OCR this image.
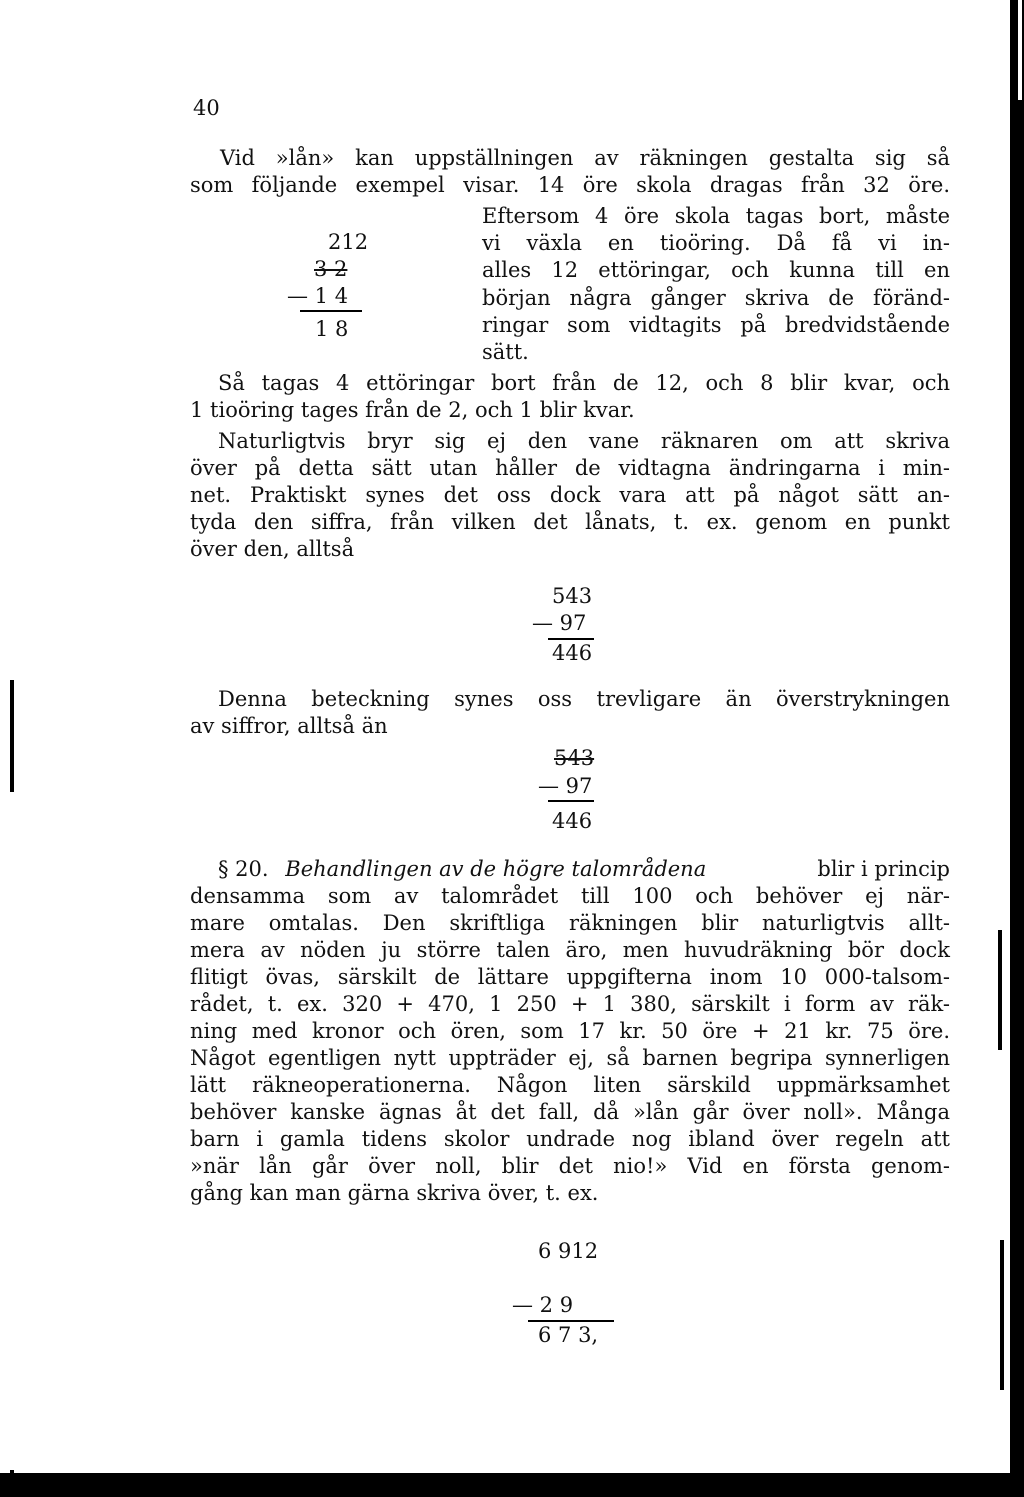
40
Vid »lån» kan uppställningen av räkningen gestalta sig så
som följande exempel visar. 14 öre skola dragas från 32 öre.
Eftersom 4 öre skola tagas bort, måste
vi växla en tioöring. Då få vi in-
alles 12 ettöringar, och kunna till en
början några gånger skriva de föränd-
ringar som vidtagits på bredvidstående
sätt.
212
3 2
— 1 4
1 8
Så tagas 4 ettöringar bort från de 12, och 8 blir kvar, och
1 tioöring tages från de 2, och 1 blir kvar.
Naturligtvis bryr sig ej den vane räknaren om att skriva
över på detta sätt utan håller de vidtagna ändringarna i min-
net. Praktiskt synes det oss dock vara att på något sätt an-
tyda den siffra, från vilken det lånats, t. ex. genom en punkt
över den, alltså
543
— 97
446
Denna beteckning synes oss trevligare än överstrykningen
av siffror, alltså än
543
— 97
446
§ 20. Behandlingen av de högre talområdena	blir i princip
densamma som av talområdet till 100 och behöver ej när-
mare omtalas. Den skriftliga räkningen blir naturligtvis allt-
mera av nöden ju större talen äro, men huvudräkning bör dock
flitigt övas, särskilt de lättare uppgifterna inom 10 000-talsom-
rådet, t. ex. 320 + 470, 1 250 + 1 380, särskilt i form av räk-
ning med kronor och ören, som 17 kr. 50 öre + 21 kr. 75 öre.
Något egentligen nytt uppträder ej, så barnen begripa synnerligen
lätt räkneoperationerna. Någon liten särskild uppmärksamhet
behöver kanske ägnas åt det fall, då »lån går över noll». Många
barn i gamla tidens skolor undrade nog ibland över regeln att
»när lån går över noll, blir det nio!» Vid en första genom-
gång kan man gärna skriva över, t. ex.
6 912
— 2 9
6 7 3,
